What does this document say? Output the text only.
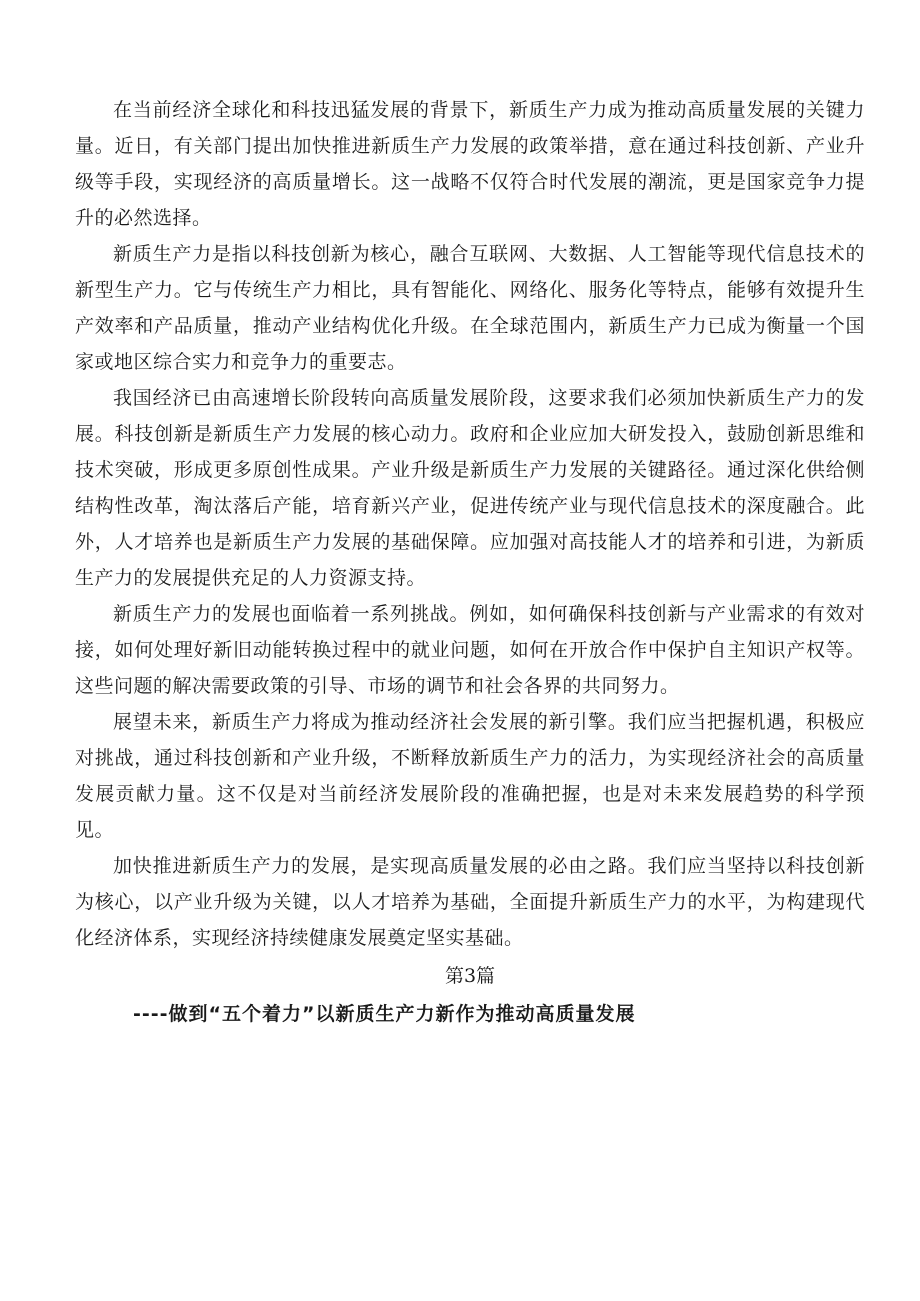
在当前经济全球化和科技迅猛发展的背景下，新质生产力成为推动高质量发展的关键力量。近日，有关部门提出加快推进新质生产力发展的政策举措，意在通过科技创新、产业升级等手段，实现经济的高质量增长。这一战略不仅符合时代发展的潮流，更是国家竞争力提升的必然选择。

新质生产力是指以科技创新为核心，融合互联网、大数据、人工智能等现代信息技术的新型生产力。它与传统生产力相比，具有智能化、网络化、服务化等特点，能够有效提升生产效率和产品质量，推动产业结构优化升级。在全球范围内，新质生产力已成为衡量一个国家或地区综合实力和竞争力的重要志。

我国经济已由高速增长阶段转向高质量发展阶段，这要求我们必须加快新质生产力的发展。科技创新是新质生产力发展的核心动力。政府和企业应加大研发投入，鼓励创新思维和技术突破，形成更多原创性成果。产业升级是新质生产力发展的关键路径。通过深化供给侧结构性改革，淘汰落后产能，培育新兴产业，促进传统产业与现代信息技术的深度融合。此外，人才培养也是新质生产力发展的基础保障。应加强对高技能人才的培养和引进，为新质生产力的发展提供充足的人力资源支持。

新质生产力的发展也面临着一系列挑战。例如，如何确保科技创新与产业需求的有效对接，如何处理好新旧动能转换过程中的就业问题，如何在开放合作中保护自主知识产权等。这些问题的解决需要政策的引导、市场的调节和社会各界的共同努力。

展望未来，新质生产力将成为推动经济社会发展的新引擎。我们应当把握机遇，积极应对挑战，通过科技创新和产业升级，不断释放新质生产力的活力，为实现经济社会的高质量发展贡献力量。这不仅是对当前经济发展阶段的准确把握，也是对未来发展趋势的科学预见。

加快推进新质生产力的发展，是实现高质量发展的必由之路。我们应当坚持以科技创新为核心，以产业升级为关键，以人才培养为基础，全面提升新质生产力的水平，为构建现代化经济体系，实现经济持续健康发展奠定坚实基础。

第3篇
----做到“五个着力”以新质生产力新作为推动高质量发展
